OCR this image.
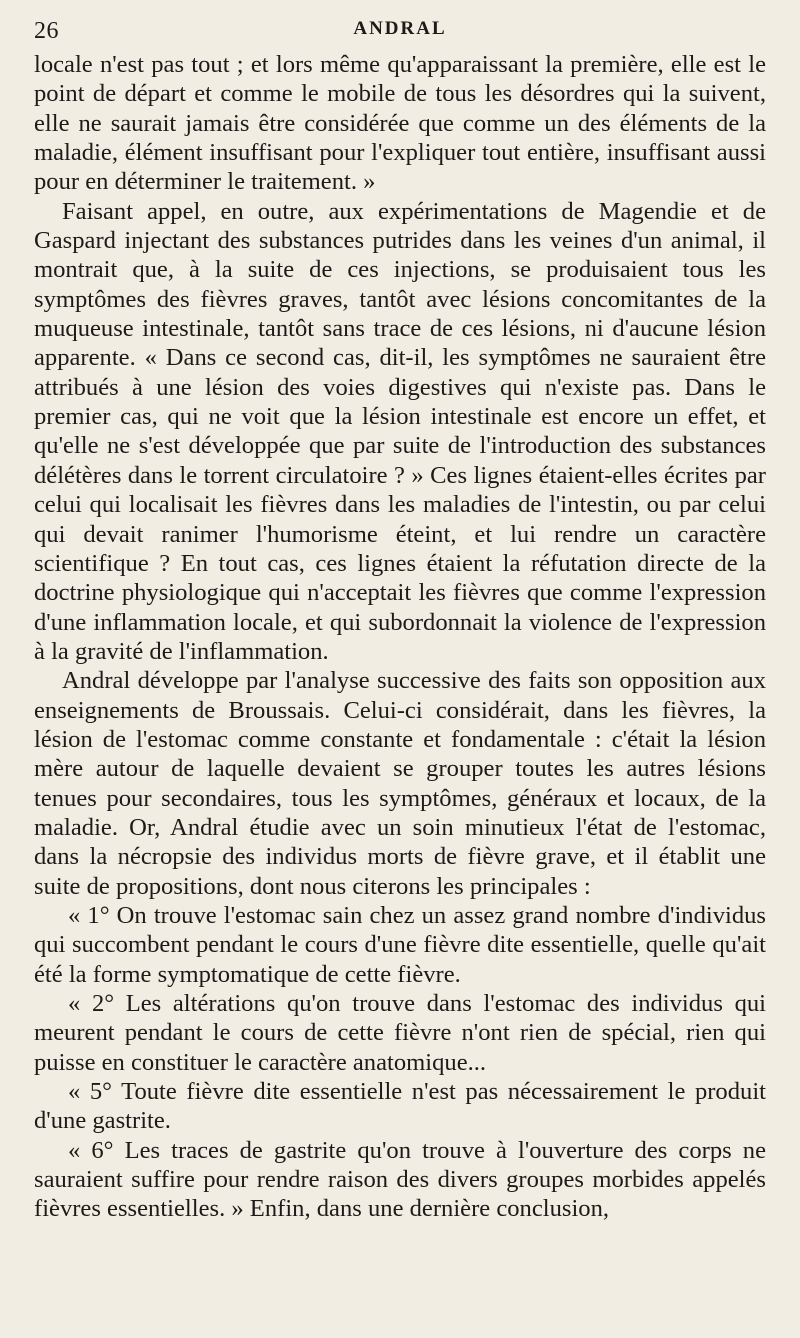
26	ANDRAL

locale n'est pas tout ; et lors même qu'apparaissant la première, elle est le point de départ et comme le mobile de tous les désordres qui la suivent, elle ne saurait jamais être considérée que comme un des éléments de la maladie, élément insuffisant pour l'expliquer tout entière, insuffisant aussi pour en déterminer le traitement. »

Faisant appel, en outre, aux expérimentations de Magendie et de Gaspard injectant des substances putrides dans les veines d'un animal, il montrait que, à la suite de ces injections, se produisaient tous les symptômes des fièvres graves, tantôt avec lésions concomitantes de la muqueuse intestinale, tantôt sans trace de ces lésions, ni d'aucune lésion apparente. « Dans ce second cas, dit-il, les symptômes ne sauraient être attribués à une lésion des voies digestives qui n'existe pas. Dans le premier cas, qui ne voit que la lésion intestinale est encore un effet, et qu'elle ne s'est développée que par suite de l'introduction des substances délétères dans le torrent circulatoire ? » Ces lignes étaient-elles écrites par celui qui localisait les fièvres dans les maladies de l'intestin, ou par celui qui devait ranimer l'humorisme éteint, et lui rendre un caractère scientifique ? En tout cas, ces lignes étaient la réfutation directe de la doctrine physiologique qui n'acceptait les fièvres que comme l'expression d'une inflammation locale, et qui subordonnait la violence de l'expression à la gravité de l'inflammation.

Andral développe par l'analyse successive des faits son opposition aux enseignements de Broussais. Celui-ci considérait, dans les fièvres, la lésion de l'estomac comme constante et fondamentale : c'était la lésion mère autour de laquelle devaient se grouper toutes les autres lésions tenues pour secondaires, tous les symptômes, généraux et locaux, de la maladie. Or, Andral étudie avec un soin minutieux l'état de l'estomac, dans la nécropsie des individus morts de fièvre grave, et il établit une suite de propositions, dont nous citerons les principales :

« 1° On trouve l'estomac sain chez un assez grand nombre d'individus qui succombent pendant le cours d'une fièvre dite essentielle, quelle qu'ait été la forme symptomatique de cette fièvre.

« 2° Les altérations qu'on trouve dans l'estomac des individus qui meurent pendant le cours de cette fièvre n'ont rien de spécial, rien qui puisse en constituer le caractère anatomique...

« 5° Toute fièvre dite essentielle n'est pas nécessairement le produit d'une gastrite.

« 6° Les traces de gastrite qu'on trouve à l'ouverture des corps ne sauraient suffire pour rendre raison des divers groupes morbides appelés fièvres essentielles. » Enfin, dans une dernière conclusion,
